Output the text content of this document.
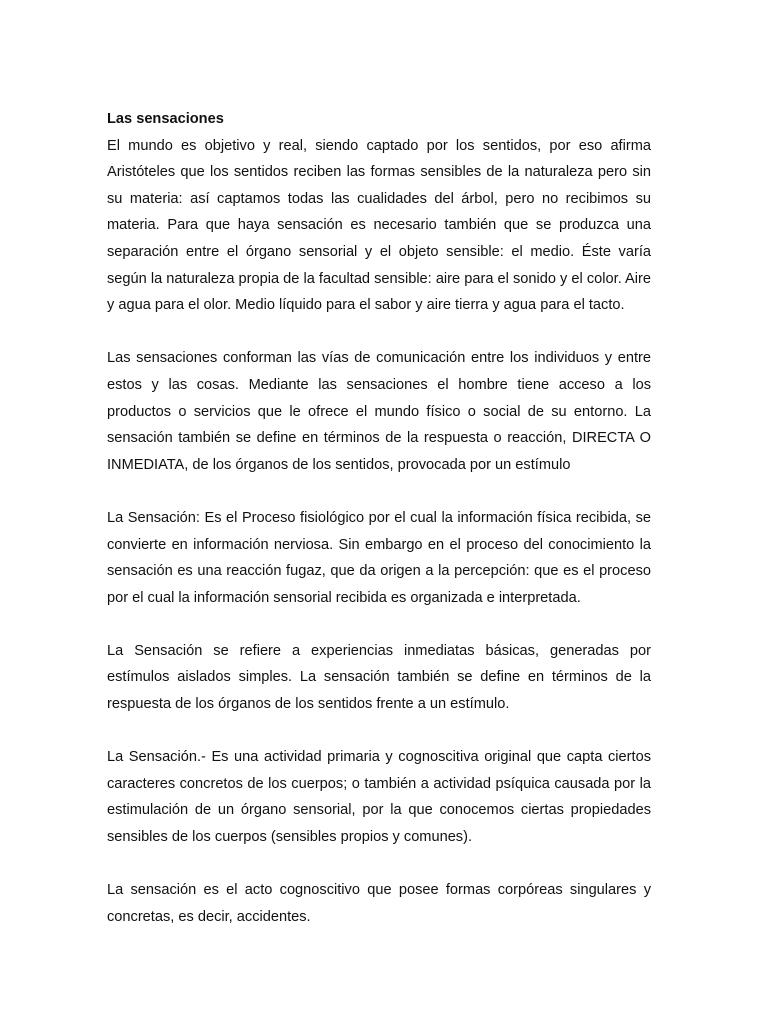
Las sensaciones

El mundo es objetivo y real, siendo captado por los sentidos, por eso afirma Aristóteles que los sentidos reciben las formas sensibles de la naturaleza pero sin su materia: así captamos todas las cualidades del árbol, pero no recibimos su materia. Para que haya sensación es necesario también que se produzca una separación entre el órgano sensorial y el objeto sensible: el medio. Éste varía según la naturaleza propia de la facultad sensible: aire para el sonido y el color. Aire y agua para el olor. Medio líquido para el sabor y aire tierra y agua para el tacto.

Las sensaciones conforman las vías de comunicación entre los individuos y entre estos y las cosas. Mediante las sensaciones el hombre tiene acceso a los productos o servicios que le ofrece el mundo físico o social de su entorno. La sensación también se define en términos de la respuesta o reacción, DIRECTA O INMEDIATA, de los órganos de los sentidos, provocada por un estímulo

La Sensación: Es el Proceso fisiológico por el cual la información física recibida, se convierte en información nerviosa. Sin embargo en el proceso del conocimiento la sensación es una reacción fugaz, que da origen a la percepción: que es el proceso por el cual la información sensorial recibida es organizada e interpretada.

La Sensación se refiere a experiencias inmediatas básicas, generadas por estímulos aislados simples. La sensación también se define en términos de la respuesta de los órganos de los sentidos frente a un estímulo.

La Sensación.- Es una actividad primaria y cognoscitiva original que capta ciertos caracteres concretos de los cuerpos; o también a actividad psíquica causada por la estimulación de un órgano sensorial, por la que conocemos ciertas propiedades sensibles de los cuerpos (sensibles propios y comunes).

La sensación es el acto cognoscitivo que posee formas corpóreas singulares y concretas, es decir, accidentes.
